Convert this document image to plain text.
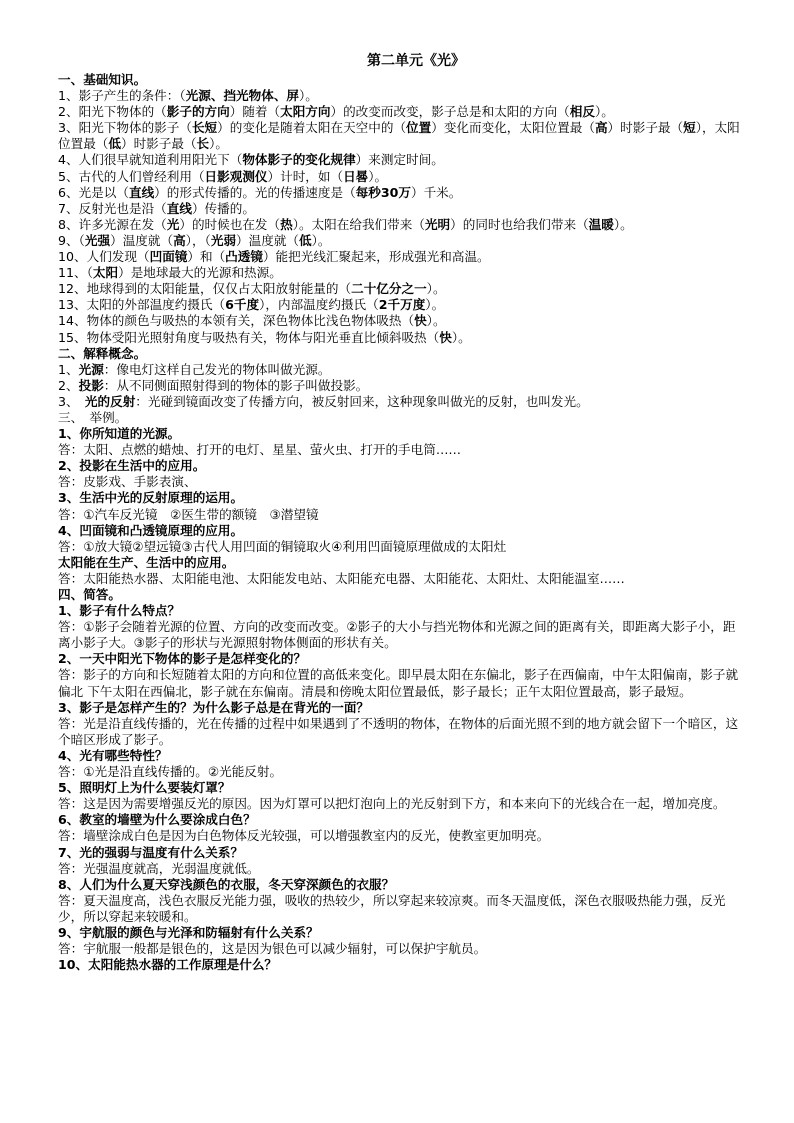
第二单元《光》
一、基础知识。
1、影子产生的条件：（光源、挡光物体、屏）。
2、阳光下物体的（影子的方向）随着（太阳方向）的改变而改变，影子总是和太阳的方向（相反）。
3、阳光下物体的影子（长短）的变化是随着太阳在天空中的（位置）变化而变化，太阳位置最（高）时影子最（短），太阳位置最（低）时影子最（长）。
4、人们很早就知道利用阳光下（物体影子的变化规律）来测定时间。
5、古代的人们曾经利用（日影观测仪）计时，如（日晷）。
6、光是以（直线）的形式传播的。光的传播速度是（每秒30万）千米。
7、反射光也是沿（直线）传播的。
8、许多光源在发（光）的时候也在发（热）。太阳在给我们带来（光明）的同时也给我们带来（温暖）。
9、（光强）温度就（高），（光弱）温度就（低）。
10、人们发现（凹面镜）和（凸透镜）能把光线汇聚起来，形成强光和高温。
11、（太阳）是地球最大的光源和热源。
12、地球得到的太阳能量，仅仅占太阳放射能量的（二十亿分之一）。
13、太阳的外部温度约摄氏（6千度），内部温度约摄氏（2千万度）。
14、物体的颜色与吸热的本领有关，深色物体比浅色物体吸热（快）。
15、物体受阳光照射角度与吸热有关，物体与阳光垂直比倾斜吸热（快）。
二、解释概念。
1、光源：像电灯这样自己发光的物体叫做光源。
2、投影：从不同侧面照射得到的物体的影子叫做投影。
3、　光的反射：光碰到镜面改变了传播方向，被反射回来，这种现象叫做光的反射，也叫发光。
三、　举例。
1、你所知道的光源。
答：太阳、点燃的蜡烛、打开的电灯、星星、萤火虫、打开的手电筒……
2、投影在生活中的应用。
答：皮影戏、手影表演、
3、生活中光的反射原理的运用。
答：①汽车反光镜　②医生带的额镜　③潜望镜
4、凹面镜和凸透镜原理的应用。
答：①放大镜②望远镜③古代人用凹面的铜镜取火④利用凹面镜原理做成的太阳灶
太阳能在生产、生活中的应用。
答：太阳能热水器、太阳能电池、太阳能发电站、太阳能充电器、太阳能花、太阳灶、太阳能温室……
四、简答。
1、影子有什么特点？
答：①影子会随着光源的位置、方向的改变而改变。②影子的大小与挡光物体和光源之间的距离有关，即距离大影子小，距离小影子大。③影子的形状与光源照射物体侧面的形状有关。
2、一天中阳光下物体的影子是怎样变化的？
答：影子的方向和长短随着太阳的方向和位置的高低来变化。即早晨太阳在东偏北，影子在西偏南，中午太阳偏南，影子就偏北 下午太阳在西偏北，影子就在东偏南。清晨和傍晚太阳位置最低，影子最长；正午太阳位置最高，影子最短。
3、影子是怎样产生的？为什么影子总是在背光的一面？
答：光是沿直线传播的，光在传播的过程中如果遇到了不透明的物体，在物体的后面光照不到的地方就会留下一个暗区，这个暗区形成了影子。
4、光有哪些特性？
答：①光是沿直线传播的。②光能反射。
5、照明灯上为什么要装灯罩？
答：这是因为需要增强反光的原因。因为灯罩可以把灯泡向上的光反射到下方，和本来向下的光线合在一起，增加亮度。
6、教室的墙壁为什么要涂成白色？
答：墙壁涂成白色是因为白色物体反光较强，可以增强教室内的反光，使教室更加明亮。
7、光的强弱与温度有什么关系？
答：光强温度就高，光弱温度就低。
8、人们为什么夏天穿浅颜色的衣服，冬天穿深颜色的衣服？
答：夏天温度高，浅色衣服反光能力强，吸收的热较少，所以穿起来较凉爽。而冬天温度低，深色衣服吸热能力强，反光少，所以穿起来较暖和。
9、宇航服的颜色与光泽和防辐射有什么关系？
答：宇航服一般都是银色的，这是因为银色可以减少辐射，可以保护宇航员。
10、太阳能热水器的工作原理是什么？
